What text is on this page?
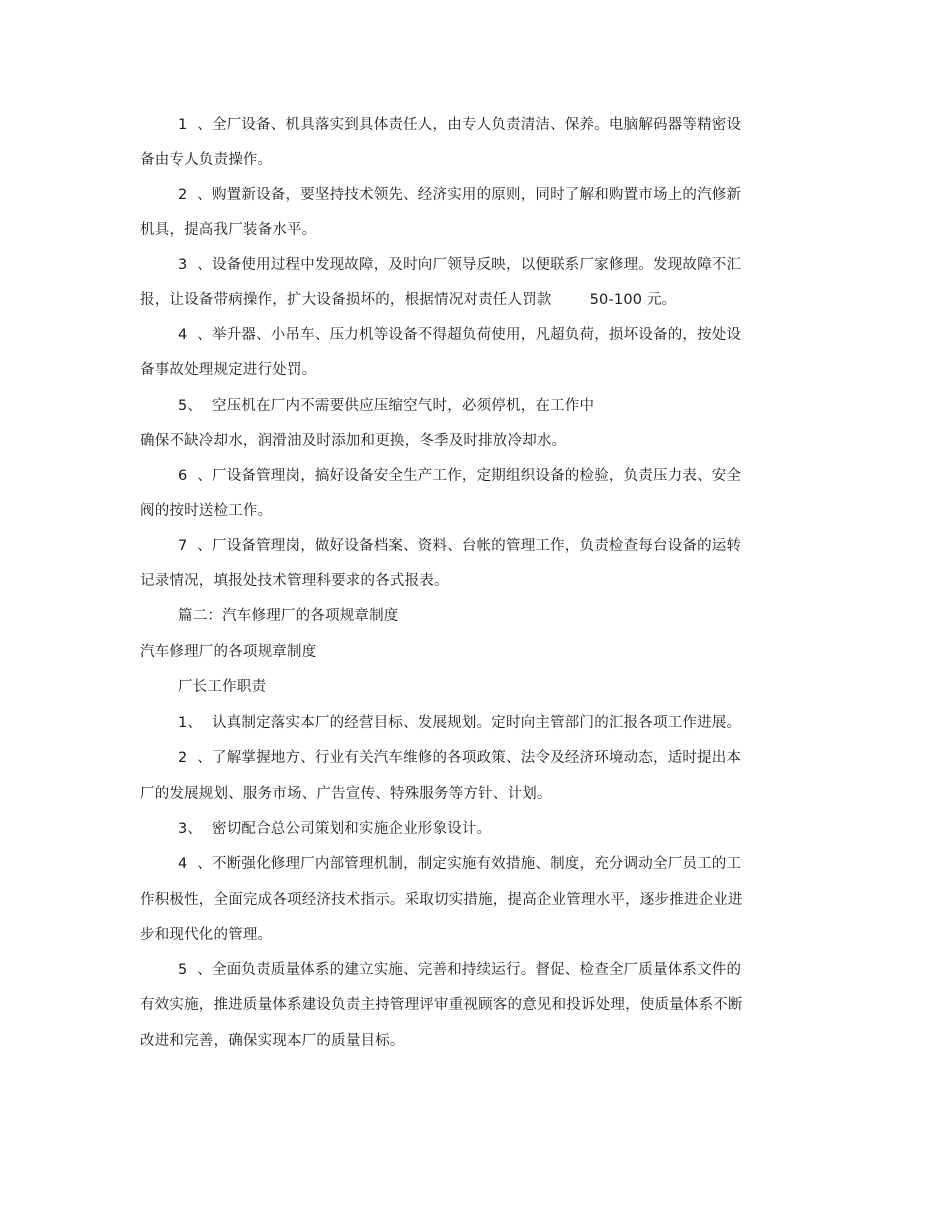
1、全厂设备、机具落实到具体责任人，由专人负责清洁、保养。电脑解码器等精密设
备由专人负责操作。
2、购置新设备，要坚持技术领先、经济实用的原则，同时了解和购置市场上的汽修新
机具，提高我厂装备水平。
3、设备使用过程中发现故障，及时向厂领导反映，以便联系厂家修理。发现故障不汇
报，让设备带病操作，扩大设备损坏的，根据情况对责任人罚款	50-100 元。
4、举升器、小吊车、压力机等设备不得超负荷使用，凡超负荷，损坏设备的，按处设
备事故处理规定进行处罚。
5、 空压机在厂内不需要供应压缩空气时，必须停机，在工作中
确保不缺冷却水，润滑油及时添加和更换，冬季及时排放冷却水。
6、厂设备管理岗，搞好设备安全生产工作，定期组织设备的检验，负责压力表、安全
阀的按时送检工作。
7、厂设备管理岗，做好设备档案、资料、台帐的管理工作，负责检查每台设备的运转
记录情况，填报处技术管理科要求的各式报表。
篇二：汽车修理厂的各项规章制度
汽车修理厂的各项规章制度
厂长工作职责
1、 认真制定落实本厂的经营目标、发展规划。定时向主管部门的汇报各项工作进展。
2、了解掌握地方、行业有关汽车维修的各项政策、法令及经济环境动态，适时提出本
厂的发展规划、服务市场、广告宣传、特殊服务等方针、计划。
3、 密切配合总公司策划和实施企业形象设计。
4、不断强化修理厂内部管理机制，制定实施有效措施、制度，充分调动全厂员工的工
作积极性，全面完成各项经济技术指示。采取切实措施，提高企业管理水平，逐步推进企业进
步和现代化的管理。
5、全面负责质量体系的建立实施、完善和持续运行。督促、检查全厂质量体系文件的
有效实施，推进质量体系建设负责主持管理评审重视顾客的意见和投诉处理，使质量体系不断
改进和完善，确保实现本厂的质量目标。
